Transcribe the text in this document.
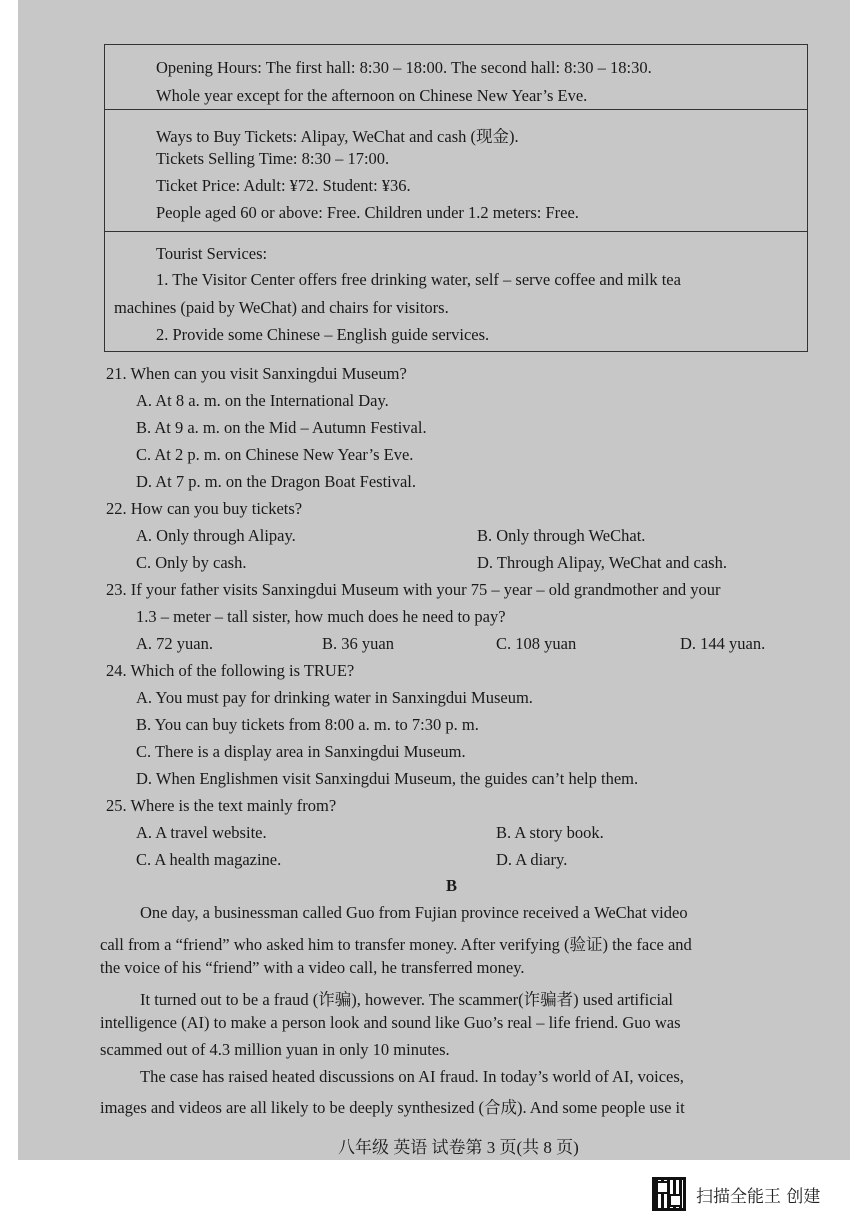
Opening Hours: The first hall: 8:30 – 18:00. The second hall: 8:30 – 18:30.
Whole year except for the afternoon on Chinese New Year’s Eve.
Ways to Buy Tickets: Alipay, WeChat and cash (现金).
Tickets Selling Time: 8:30 – 17:00.
Ticket Price: Adult: ¥72. Student: ¥36.
People aged 60 or above: Free. Children under 1.2 meters: Free.
Tourist Services:
1. The Visitor Center offers free drinking water, self – serve coffee and milk tea
machines (paid by WeChat) and chairs for visitors.
2. Provide some Chinese – English guide services.
21. When can you visit Sanxingdui Museum?
A. At 8 a. m. on the International Day.
B. At 9 a. m. on the Mid – Autumn Festival.
C. At 2 p. m. on Chinese New Year’s Eve.
D. At 7 p. m. on the Dragon Boat Festival.
22. How can you buy tickets?
A. Only through Alipay.	B. Only through WeChat.
C. Only by cash.	D. Through Alipay, WeChat and cash.
23. If your father visits Sanxingdui Museum with your 75 – year – old grandmother and your
1.3 – meter – tall sister, how much does he need to pay?
A. 72 yuan.	B. 36 yuan	C. 108 yuan	D. 144 yuan.
24. Which of the following is TRUE?
A. You must pay for drinking water in Sanxingdui Museum.
B. You can buy tickets from 8:00 a. m. to 7:30 p. m.
C. There is a display area in Sanxingdui Museum.
D. When Englishmen visit Sanxingdui Museum, the guides can’t help them.
25. Where is the text mainly from?
A. A travel website.	B. A story book.
C. A health magazine.	D. A diary.
B
One day, a businessman called Guo from Fujian province received a WeChat video
call from a “friend” who asked him to transfer money. After verifying (验证) the face and
the voice of his “friend” with a video call, he transferred money.
It turned out to be a fraud (诈骗), however. The scammer(诈骗者) used artificial
intelligence (AI) to make a person look and sound like Guo’s real – life friend. Guo was
scammed out of 4.3 million yuan in only 10 minutes.
The case has raised heated discussions on AI fraud. In today’s world of AI, voices,
images and videos are all likely to be deeply synthesized (合成). And some people use it
八年级 英语 试卷第 3 页(共 8 页)
扫描全能王 创建
